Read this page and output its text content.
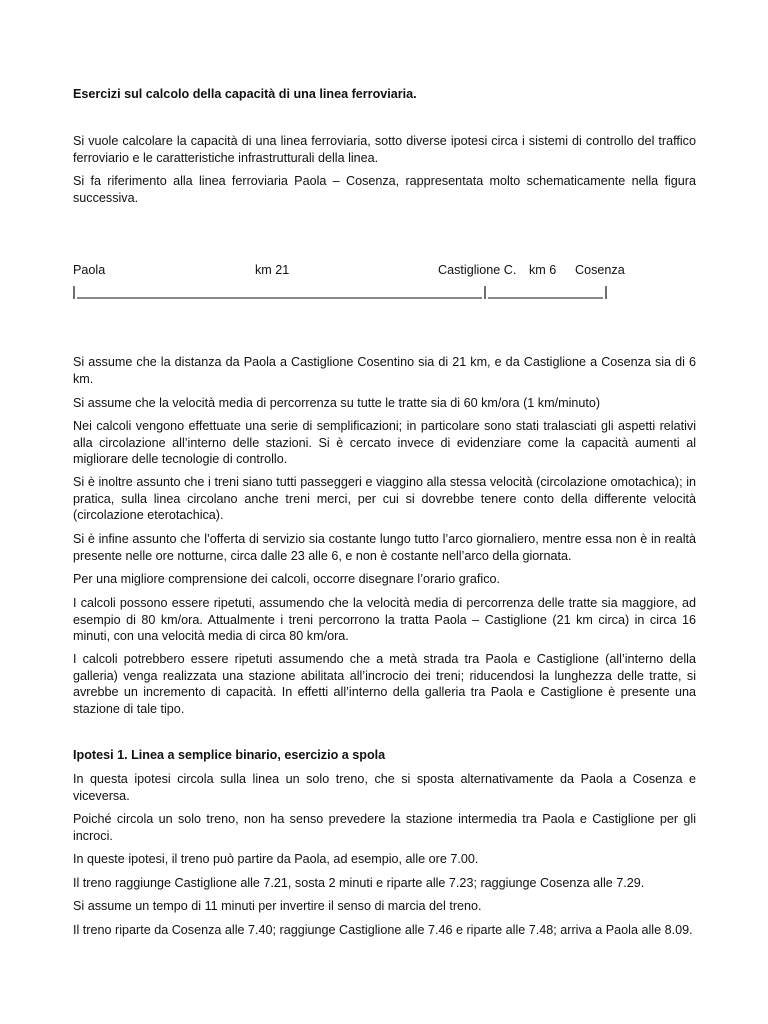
Esercizi sul calcolo della capacità di una linea ferroviaria.

Si vuole calcolare la capacità di una linea ferroviaria, sotto diverse ipotesi circa i sistemi di controllo del traffico ferroviario e le caratteristiche infrastrutturali della linea.

Si fa riferimento alla linea ferroviaria Paola – Cosenza, rappresentata molto schematicamente nella figura successiva.

Paola	km 21	Castiglione C. km 6 Cosenza

Si assume che la distanza da Paola a Castiglione Cosentino sia di 21 km, e da Castiglione a Cosenza sia di 6 km.

Si assume che la velocità media di percorrenza su tutte le tratte sia di 60 km/ora (1 km/minuto)

Nei calcoli vengono effettuate una serie di semplificazioni; in particolare sono stati tralasciati gli aspetti relativi alla circolazione all’interno delle stazioni. Si è cercato invece di evidenziare come la capacità aumenti al migliorare delle tecnologie di controllo.

Si è inoltre assunto che i treni siano tutti passeggeri e viaggino alla stessa velocità (circolazione omotachica); in pratica, sulla linea circolano anche treni merci, per cui si dovrebbe tenere conto della differente velocità (circolazione eterotachica).

Si è infine assunto che l’offerta di servizio sia costante lungo tutto l’arco giornaliero, mentre essa non è in realtà presente nelle ore notturne, circa dalle 23 alle 6, e non è costante nell’arco della giornata.

Per una migliore comprensione dei calcoli, occorre disegnare l’orario grafico.

I calcoli possono essere ripetuti, assumendo che la velocità media di percorrenza delle tratte sia maggiore, ad esempio di 80 km/ora. Attualmente i treni percorrono la tratta Paola – Castiglione (21 km circa) in circa 16 minuti, con una velocità media di circa 80 km/ora.

I calcoli potrebbero essere ripetuti assumendo che a metà strada tra Paola e Castiglione (all’interno della galleria) venga realizzata una stazione abilitata all’incrocio dei treni; riducendosi la lunghezza delle tratte, si avrebbe un incremento di capacità. In effetti all’interno della galleria tra Paola e Castiglione è presente una stazione di tale tipo.

Ipotesi 1. Linea a semplice binario, esercizio a spola

In questa ipotesi circola sulla linea un solo treno, che si sposta alternativamente da Paola a Cosenza e viceversa.

Poiché circola un solo treno, non ha senso prevedere la stazione intermedia tra Paola e Castiglione per gli incroci.

In queste ipotesi, il treno può partire da Paola, ad esempio, alle ore 7.00.

Il treno raggiunge Castiglione alle 7.21, sosta 2 minuti e riparte alle 7.23; raggiunge Cosenza alle 7.29.

Si assume un tempo di 11 minuti per invertire il senso di marcia del treno.

Il treno riparte da Cosenza alle 7.40; raggiunge Castiglione alle 7.46 e riparte alle 7.48; arriva a Paola alle 8.09.
